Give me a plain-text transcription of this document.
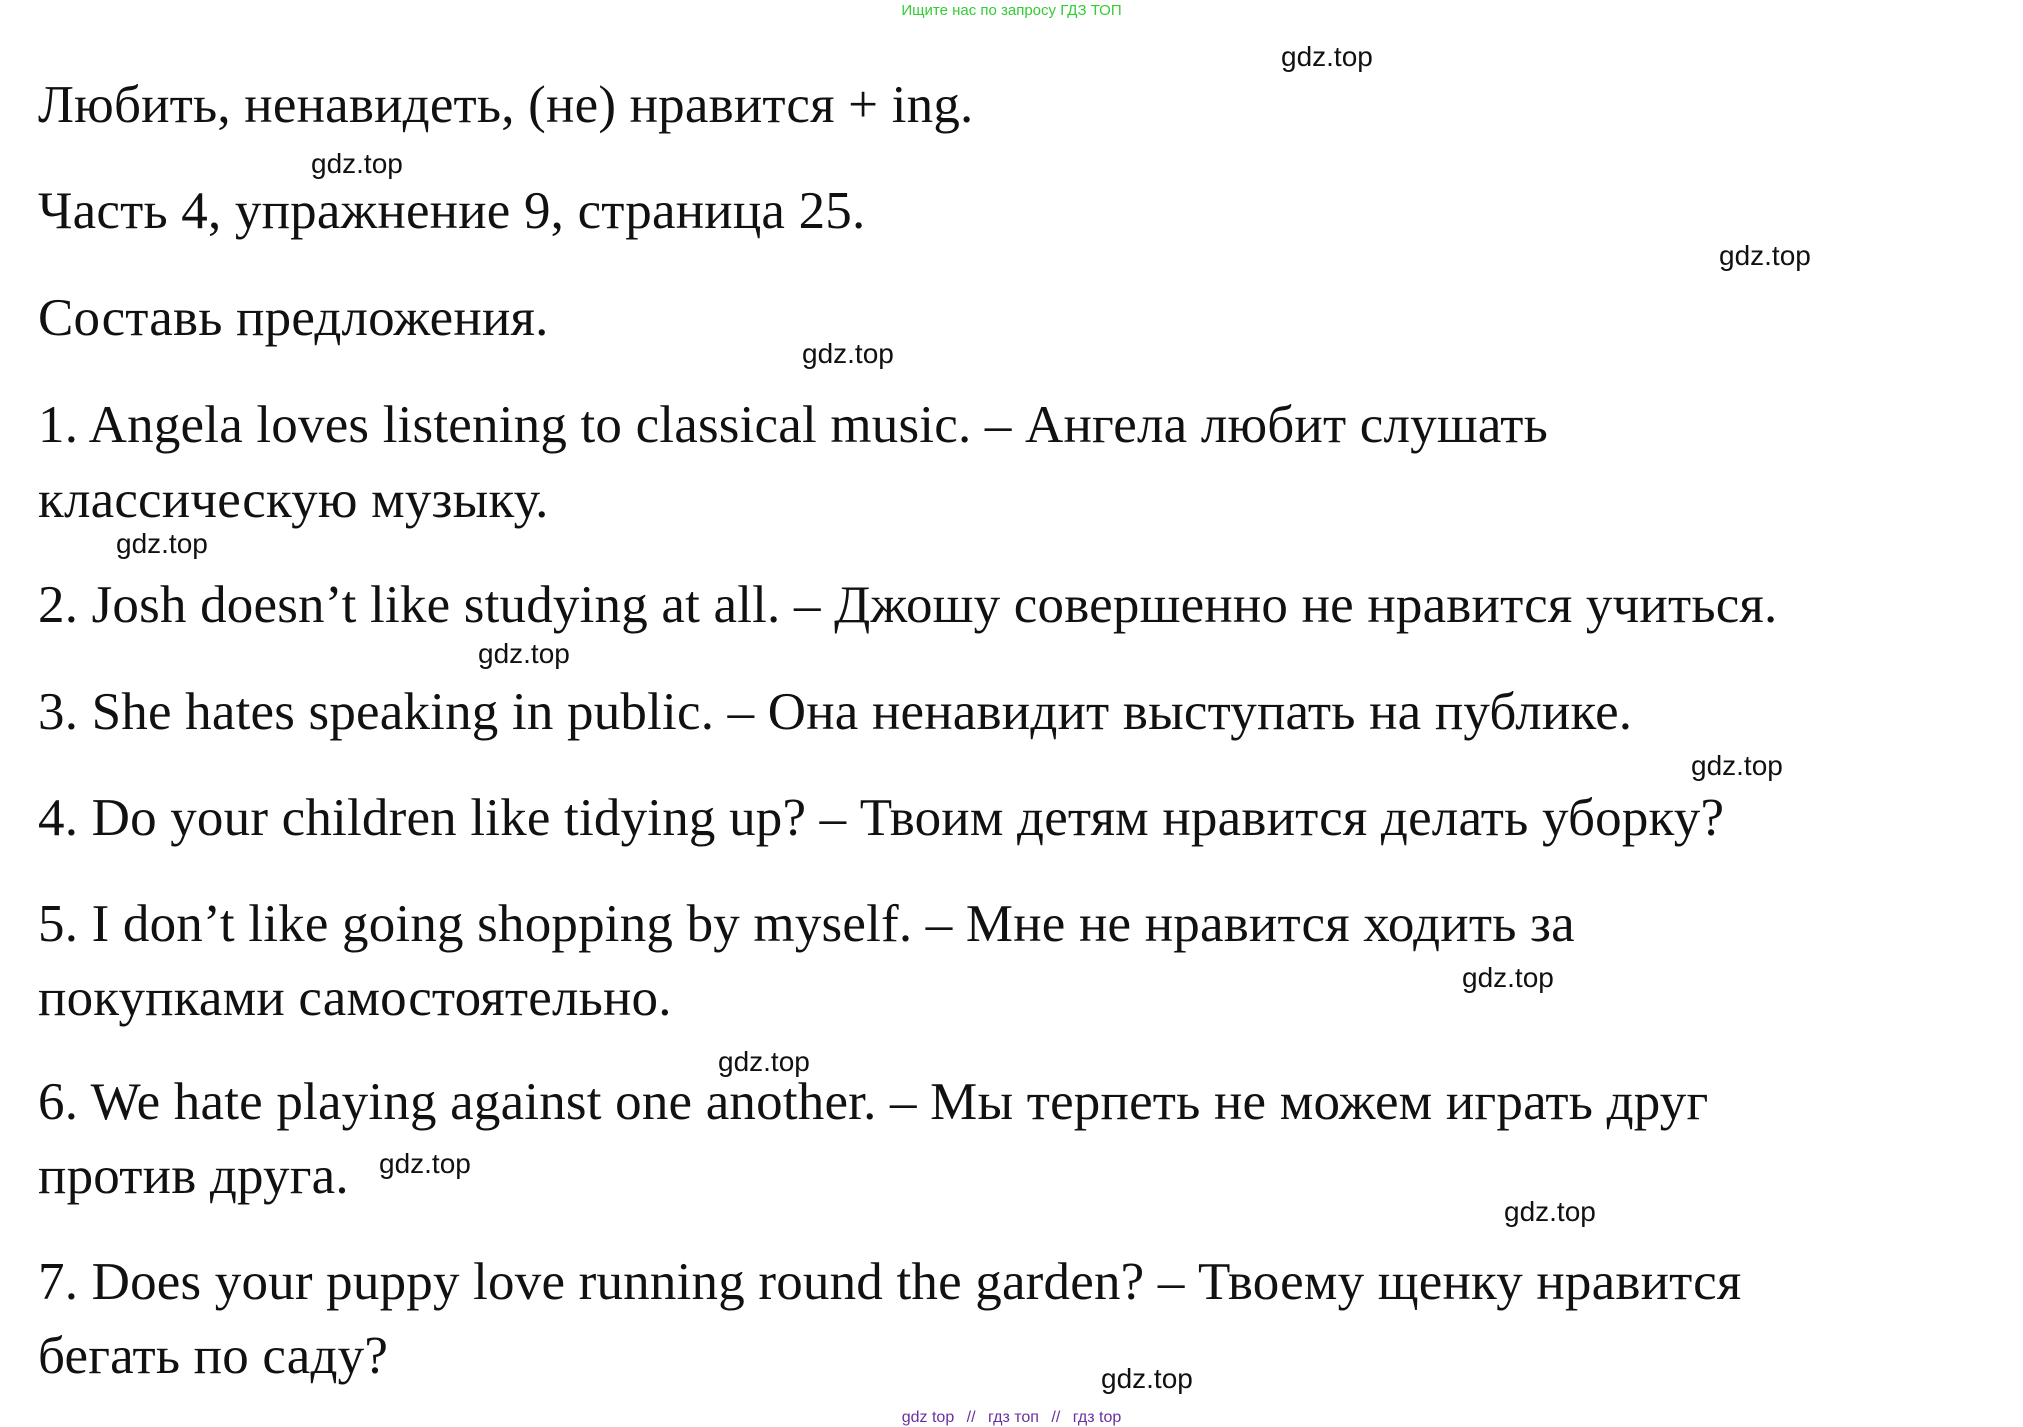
Ищите нас по запросу ГДЗ ТОП
Любить, ненавидеть, (не) нравится + ing.
Часть 4, упражнение 9, страница 25.
Составь предложения.
1. Angela loves listening to classical music. – Ангела любит слушать
классическую музыку.
2. Josh doesn’t like studying at all. – Джошу совершенно не нравится учиться.
3. She hates speaking in public. – Она ненавидит выступать на публике.
4. Do your children like tidying up? – Твоим детям нравится делать уборку?
5. I don’t like going shopping by myself. – Мне не нравится ходить за
покупками самостоятельно.
6. We hate playing against one another. – Мы терпеть не можем играть друг
против друга.
7. Does your puppy love running round the garden? – Твоему щенку нравится
бегать по саду?
gdz.top
gdz.top
gdz.top
gdz.top
gdz.top
gdz.top
gdz.top
gdz.top
gdz.top
gdz.top
gdz.top
gdz.top
gdz top // гдз топ // гдз top
